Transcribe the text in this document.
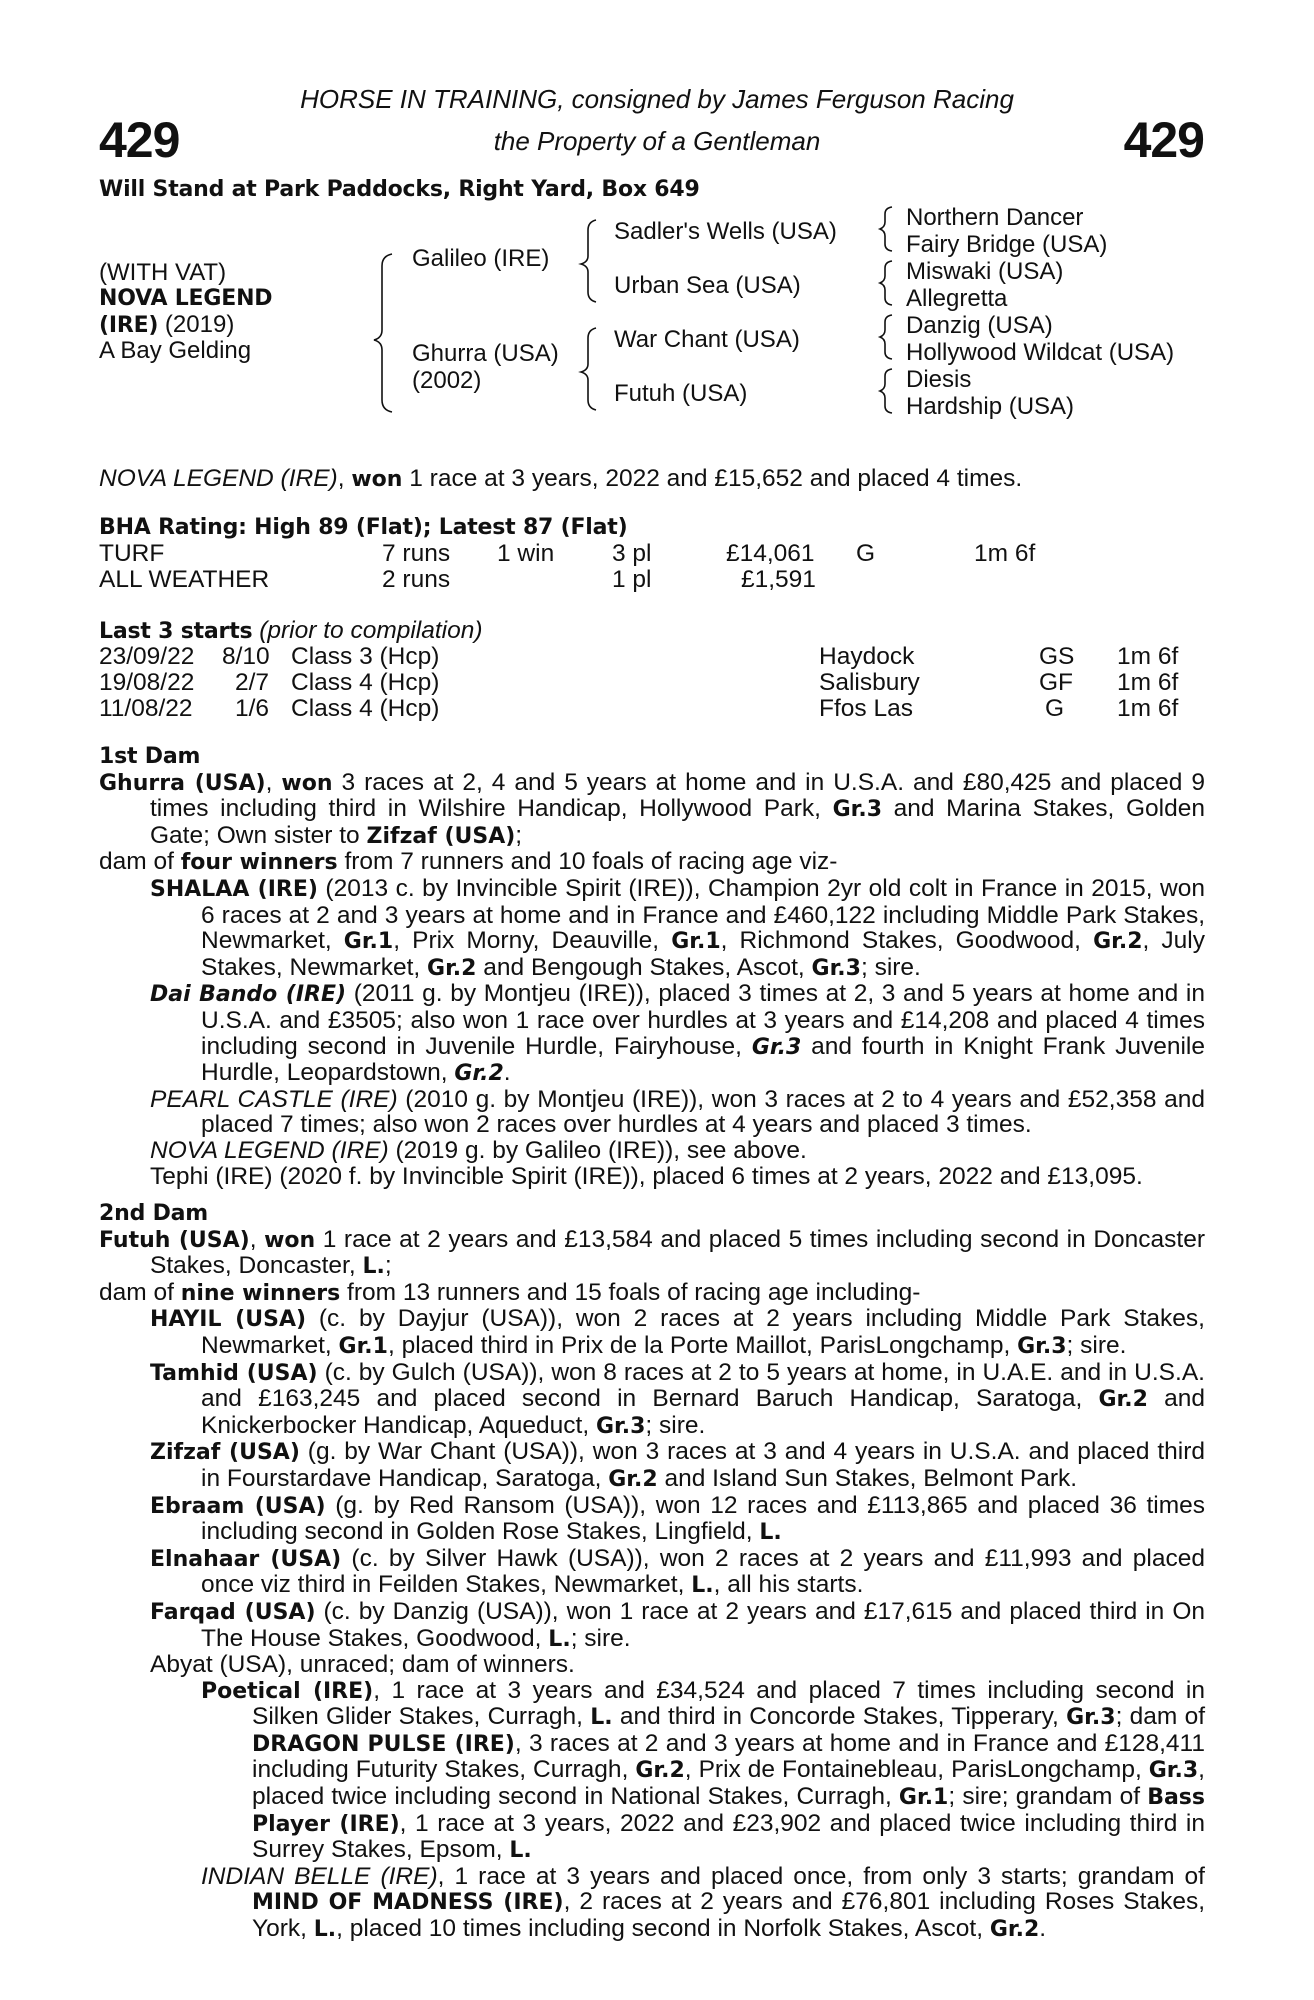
429	429
HORSE IN TRAINING, consigned by James Ferguson Racing
the Property of a Gentleman
Will Stand at Park Paddocks, Right Yard, Box 649
(WITH VAT)
NOVA LEGEND
(IRE) (2019)
A Bay Gelding
Galileo (IRE)
Ghurra (USA)
(2002)
Sadler's Wells (USA)
Urban Sea (USA)
War Chant (USA)
Futuh (USA)
Northern Dancer
Fairy Bridge (USA)
Miswaki (USA)
Allegretta
Danzig (USA)
Hollywood Wildcat (USA)
Diesis
Hardship (USA)
NOVA LEGEND (IRE), won 1 race at 3 years, 2022 and £15,652 and placed 4 times.
BHA Rating: High 89 (Flat); Latest 87 (Flat)
TURF	7 runs 1 win 3 pl	£14,061 G	1m 6f
ALL WEATHER	2 runs	1 pl	£1,591
Last 3 starts (prior to compilation)
23/09/22 8/10 Class 3 (Hcp)	Haydock	GS 1m 6f
19/08/22 2/7 Class 4 (Hcp)	Salisbury	GF 1m 6f
11/08/22 1/6 Class 4 (Hcp)	Ffos Las	G 1m 6f
1st Dam

Ghurra (USA), won 3 races at 2, 4 and 5 years at home and in U.S.A. and £80,425 and placed 9 times including third in Wilshire Handicap, Hollywood Park, Gr.3 and Marina Stakes, Golden Gate; Own sister to Zifzaf (USA);

dam of four winners from 7 runners and 10 foals of racing age viz-

SHALAA (IRE) (2013 c. by Invincible Spirit (IRE)), Champion 2yr old colt in France in 2015, won 6 races at 2 and 3 years at home and in France and £460,122 including Middle Park Stakes, Newmarket, Gr.1, Prix Morny, Deauville, Gr.1, Richmond Stakes, Goodwood, Gr.2, July Stakes, Newmarket, Gr.2 and Bengough Stakes, Ascot, Gr.3; sire.

Dai Bando (IRE) (2011 g. by Montjeu (IRE)), placed 3 times at 2, 3 and 5 years at home and in U.S.A. and £3505; also won 1 race over hurdles at 3 years and £14,208 and placed 4 times including second in Juvenile Hurdle, Fairyhouse, Gr.3 and fourth in Knight Frank Juvenile Hurdle, Leopardstown, Gr.2.

PEARL CASTLE (IRE) (2010 g. by Montjeu (IRE)), won 3 races at 2 to 4 years and £52,358 and placed 7 times; also won 2 races over hurdles at 4 years and placed 3 times.

NOVA LEGEND (IRE) (2019 g. by Galileo (IRE)), see above.

Tephi (IRE) (2020 f. by Invincible Spirit (IRE)), placed 6 times at 2 years, 2022 and £13,095.

2nd Dam

Futuh (USA), won 1 race at 2 years and £13,584 and placed 5 times including second in Doncaster Stakes, Doncaster, L.;

dam of nine winners from 13 runners and 15 foals of racing age including-

HAYIL (USA) (c. by Dayjur (USA)), won 2 races at 2 years including Middle Park Stakes, Newmarket, Gr.1, placed third in Prix de la Porte Maillot, ParisLongchamp, Gr.3; sire.

Tamhid (USA) (c. by Gulch (USA)), won 8 races at 2 to 5 years at home, in U.A.E. and in U.S.A. and £163,245 and placed second in Bernard Baruch Handicap, Saratoga, Gr.2 and Knickerbocker Handicap, Aqueduct, Gr.3; sire.

Zifzaf (USA) (g. by War Chant (USA)), won 3 races at 3 and 4 years in U.S.A. and placed third in Fourstardave Handicap, Saratoga, Gr.2 and Island Sun Stakes, Belmont Park.

Ebraam (USA) (g. by Red Ransom (USA)), won 12 races and £113,865 and placed 36 times including second in Golden Rose Stakes, Lingfield, L.

Elnahaar (USA) (c. by Silver Hawk (USA)), won 2 races at 2 years and £11,993 and placed once viz third in Feilden Stakes, Newmarket, L., all his starts.

Farqad (USA) (c. by Danzig (USA)), won 1 race at 2 years and £17,615 and placed third in On The House Stakes, Goodwood, L.; sire.

Abyat (USA), unraced; dam of winners.

Poetical (IRE), 1 race at 3 years and £34,524 and placed 7 times including second in Silken Glider Stakes, Curragh, L. and third in Concorde Stakes, Tipperary, Gr.3; dam of DRAGON PULSE (IRE), 3 races at 2 and 3 years at home and in France and £128,411 including Futurity Stakes, Curragh, Gr.2, Prix de Fontainebleau, ParisLongchamp, Gr.3, placed twice including second in National Stakes, Curragh, Gr.1; sire; grandam of Bass Player (IRE), 1 race at 3 years, 2022 and £23,902 and placed twice including third in Surrey Stakes, Epsom, L.

INDIAN BELLE (IRE), 1 race at 3 years and placed once, from only 3 starts; grandam of MIND OF MADNESS (IRE), 2 races at 2 years and £76,801 including Roses Stakes, York, L., placed 10 times including second in Norfolk Stakes, Ascot, Gr.2.
